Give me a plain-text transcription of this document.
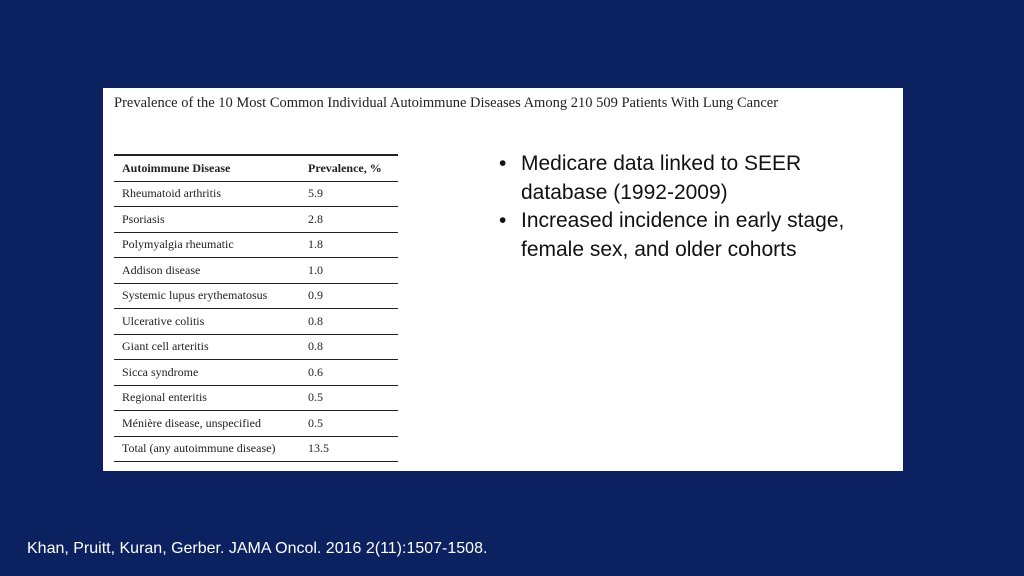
Prevalence of the 10 Most Common Individual Autoimmune Diseases Among 210 509 Patients With Lung Cancer

Autoimmune Disease	Prevalence, %
Rheumatoid arthritis	5.9
Psoriasis	2.8
Polymyalgia rheumatic	1.8
Addison disease	1.0
Systemic lupus erythematosus	0.9
Ulcerative colitis	0.8
Giant cell arteritis	0.8
Sicca syndrome	0.6
Regional enteritis	0.5
Ménière disease, unspecified	0.5
Total (any autoimmune disease)	13.5
• Medicare data linked to SEER database (1992-2009)
• Increased incidence in early stage, female sex, and older cohorts
Khan, Pruitt, Kuran, Gerber. JAMA Oncol. 2016 2(11):1507-1508.
